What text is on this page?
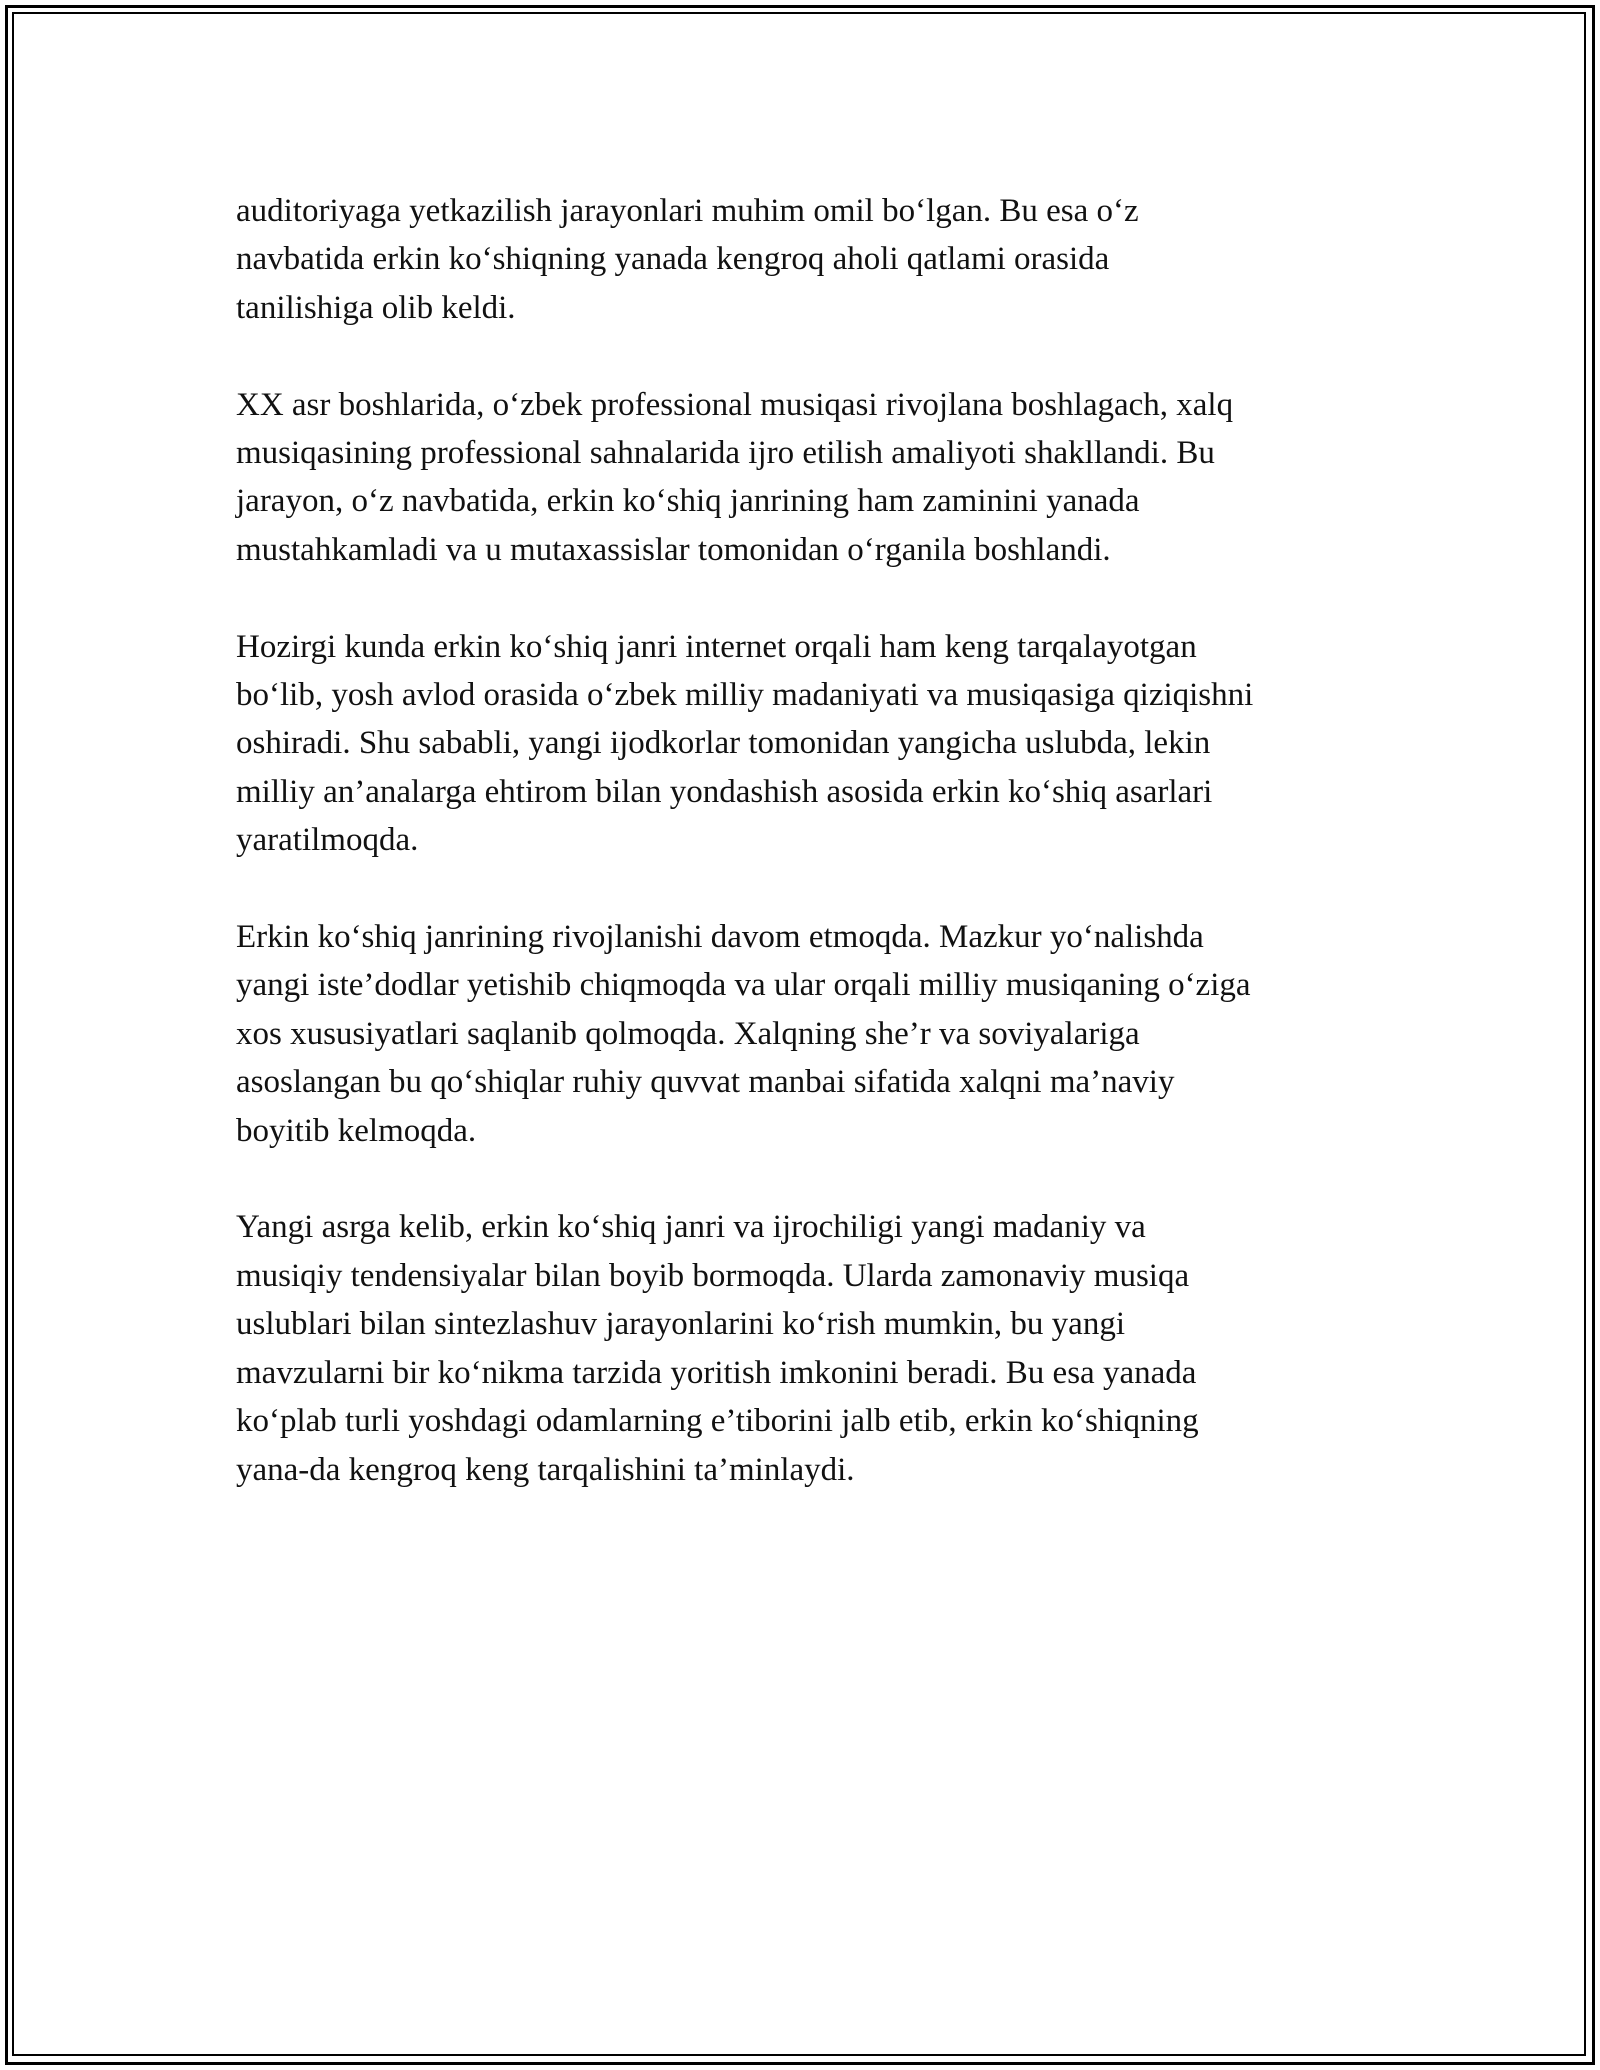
auditoriyaga yetkazilish jarayonlari muhim omil bo‘lgan. Bu esa o‘z
navbatida erkin ko‘shiqning yanada kengroq aholi qatlami orasida
tanilishiga olib keldi.

XX asr boshlarida, o‘zbek professional musiqasi rivojlana boshlagach, xalq
musiqasining professional sahnalarida ijro etilish amaliyoti shakllandi. Bu
jarayon, o‘z navbatida, erkin ko‘shiq janrining ham zaminini yanada
mustahkamladi va u mutaxassislar tomonidan o‘rganila boshlandi.

Hozirgi kunda erkin ko‘shiq janri internet orqali ham keng tarqalayotgan
bo‘lib, yosh avlod orasida o‘zbek milliy madaniyati va musiqasiga qiziqishni
oshiradi. Shu sababli, yangi ijodkorlar tomonidan yangicha uslubda, lekin
milliy an’analarga ehtirom bilan yondashish asosida erkin ko‘shiq asarlari
yaratilmoqda.

Erkin ko‘shiq janrining rivojlanishi davom etmoqda. Mazkur yo‘nalishda
yangi iste’dodlar yetishib chiqmoqda va ular orqali milliy musiqaning o‘ziga
xos xususiyatlari saqlanib qolmoqda. Xalqning she’r va soviyalariga
asoslangan bu qo‘shiqlar ruhiy quvvat manbai sifatida xalqni ma’naviy
boyitib kelmoqda.

Yangi asrga kelib, erkin ko‘shiq janri va ijrochiligi yangi madaniy va
musiqiy tendensiyalar bilan boyib bormoqda. Ularda zamonaviy musiqa
uslublari bilan sintezlashuv jarayonlarini ko‘rish mumkin, bu yangi
mavzularni bir ko‘nikma tarzida yoritish imkonini beradi. Bu esa yanada
ko‘plab turli yoshdagi odamlarning e’tiborini jalb etib, erkin ko‘shiqning
yana-da kengroq keng tarqalishini ta’minlaydi.
